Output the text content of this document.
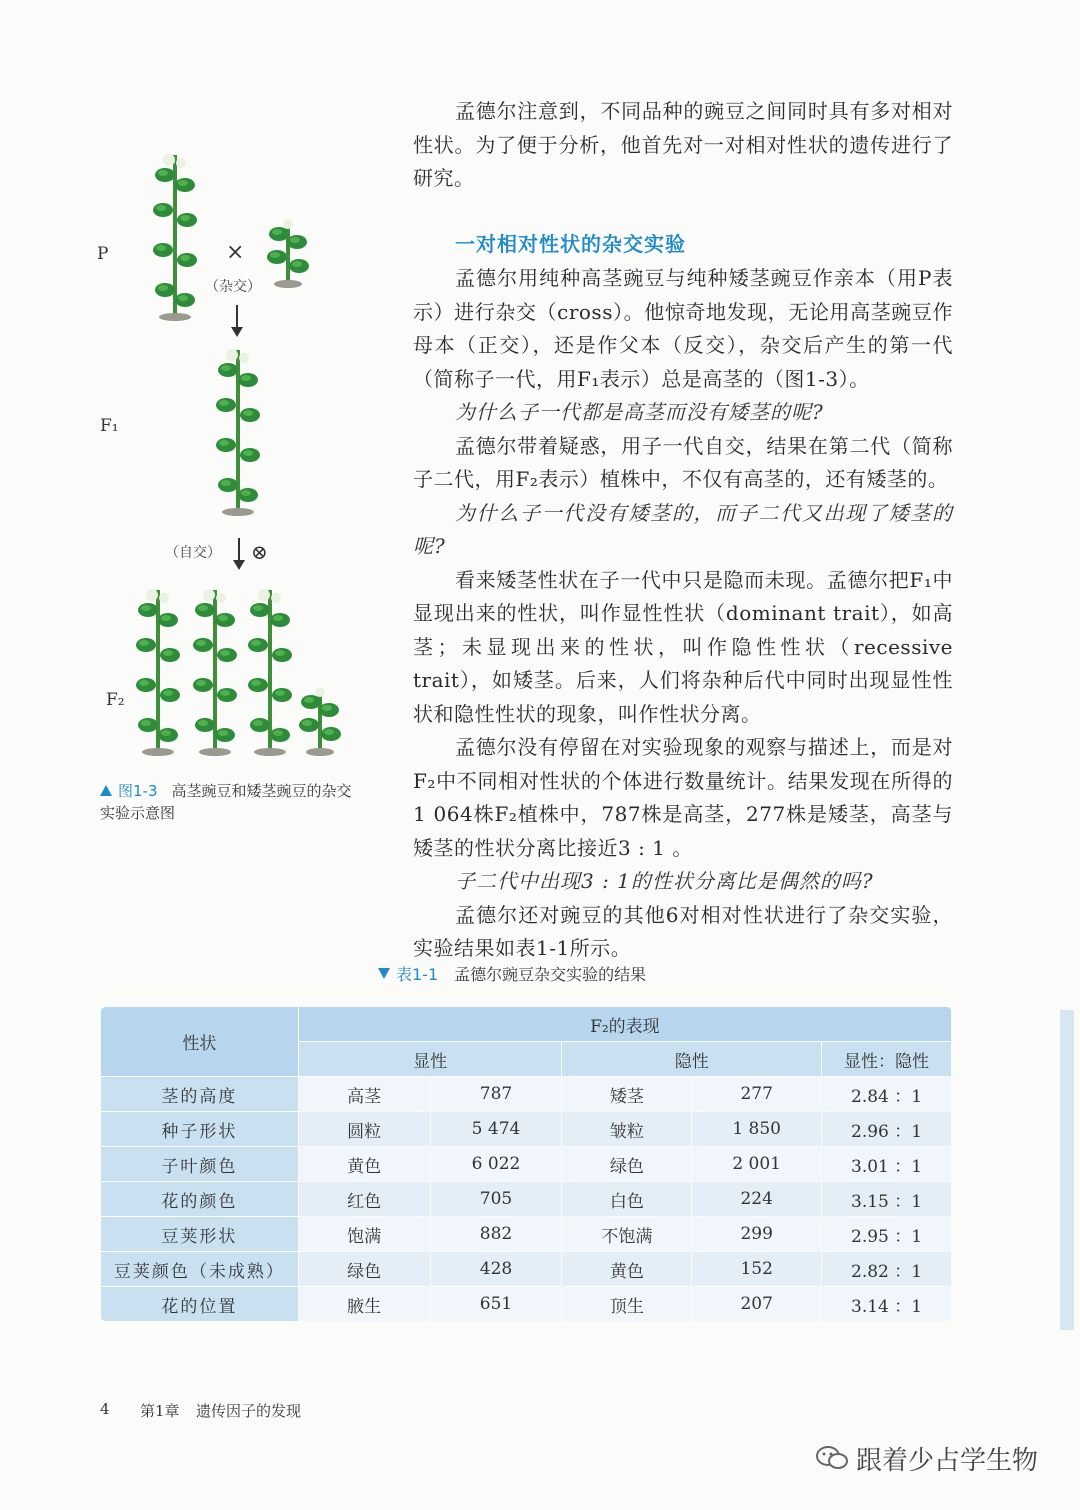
孟德尔注意到，不同品种的豌豆之间同时具有多对相对性状。为了便于分析，他首先对一对相对性状的遗传进行了研究。

一对相对性状的杂交实验

孟德尔用纯种高茎豌豆与纯种矮茎豌豆作亲本（用P表示）进行杂交（cross）。他惊奇地发现，无论用高茎豌豆作母本（正交），还是作父本（反交），杂交后产生的第一代（简称子一代，用F₁表示）总是高茎的（图1-3）。

为什么子一代都是高茎而没有矮茎的呢?

孟德尔带着疑惑，用子一代自交，结果在第二代（简称子二代，用F₂表示）植株中，不仅有高茎的，还有矮茎的。

为什么子一代没有矮茎的，而子二代又出现了矮茎的呢?

看来矮茎性状在子一代中只是隐而未现。孟德尔把F₁中显现出来的性状，叫作显性性状（dominant trait），如高茎；未显现出来的性状，叫作隐性性状（recessive trait），如矮茎。后来，人们将杂种后代中同时出现显性性状和隐性性状的现象，叫作性状分离。

孟德尔没有停留在对实验现象的观察与描述上，而是对F₂中不同相对性状的个体进行数量统计。结果发现在所得的1 064株F₂植株中，787株是高茎，277株是矮茎，高茎与矮茎的性状分离比接近3 : 1 。

子二代中出现3 : 1的性状分离比是偶然的吗?

孟德尔还对豌豆的其他6对相对性状进行了杂交实验，实验结果如表1-1所示。

P
F₁
F₂
×
（杂交）
（自交） ⊗
图1-3 高茎豌豆和矮茎豌豆的杂交实验示意图
表1-1 孟德尔豌豆杂交实验的结果
性状	F₂的表现				
	显性		隐性		显性：隐性
茎的高度	高茎	787	矮茎	277	2.84 ：1
种子形状	圆粒	5 474	皱粒	1 850	2.96 ：1
子叶颜色	黄色	6 022	绿色	2 001	3.01 ：1
花的颜色	红色	705	白色	224	3.15 ：1
豆荚形状	饱满	882	不饱满	299	2.95 ：1
豆荚颜色（未成熟）	绿色	428	黄色	152	2.82 ：1
花的位置	腋生	651	顶生	207	3.14 ：1
4 第1章 遗传因子的发现
跟着少占学生物
